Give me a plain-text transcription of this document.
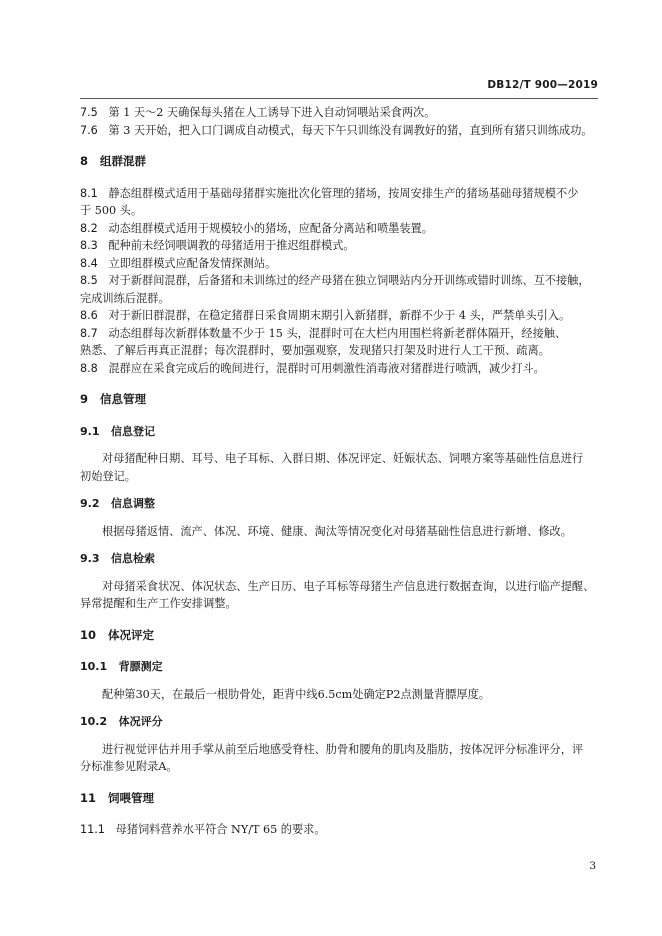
DB12/T 900—2019
7.5 第 1 天～2 天确保每头猪在人工诱导下进入自动饲喂站采食两次。
7.6 第 3 天开始，把入口门调成自动模式，每天下午只训练没有调教好的猪，直到所有猪只训练成功。
8 组群混群
8.1 静态组群模式适用于基础母猪群实施批次化管理的猪场，按周安排生产的猪场基础母猪规模不少
于 500 头。
8.2 动态组群模式适用于规模较小的猪场，应配备分离站和喷墨装置。
8.3 配种前未经饲喂调教的母猪适用于推迟组群模式。
8.4 立即组群模式应配备发情探测站。
8.5 对于新群间混群，后备猪和未训练过的经产母猪在独立饲喂站内分开训练或错时训练、互不接触，
完成训练后混群。
8.6 对于新旧群混群，在稳定猪群日采食周期末期引入新猪群，新群不少于 4 头，严禁单头引入。
8.7 动态组群每次新群体数量不少于 15 头，混群时可在大栏内用围栏将新老群体隔开，经接触、
熟悉、了解后再真正混群；每次混群时，要加强观察，发现猪只打架及时进行人工干预、疏离。
8.8 混群应在采食完成后的晚间进行，混群时可用刺激性消毒液对猪群进行喷洒，减少打斗。
9 信息管理
9.1 信息登记
对母猪配种日期、耳号、电子耳标、入群日期、体况评定、妊娠状态、饲喂方案等基础性信息进行
初始登记。
9.2 信息调整
根据母猪返情、流产、体况、环境、健康、淘汰等情况变化对母猪基础性信息进行新增、修改。
9.3 信息检索
对母猪采食状况、体况状态、生产日历、电子耳标等母猪生产信息进行数据查询，以进行临产提醒、
异常提醒和生产工作安排调整。
10 体况评定
10.1 背膘测定
配种第30天，在最后一根肋骨处，距背中线6.5cm处确定P2点测量背膘厚度。
10.2 体况评分
进行视觉评估并用手掌从前至后地感受脊柱、肋骨和腰角的肌肉及脂肪，按体况评分标准评分，评
分标准参见附录A。
11 饲喂管理
11.1 母猪饲料营养水平符合 NY/T 65 的要求。
3
